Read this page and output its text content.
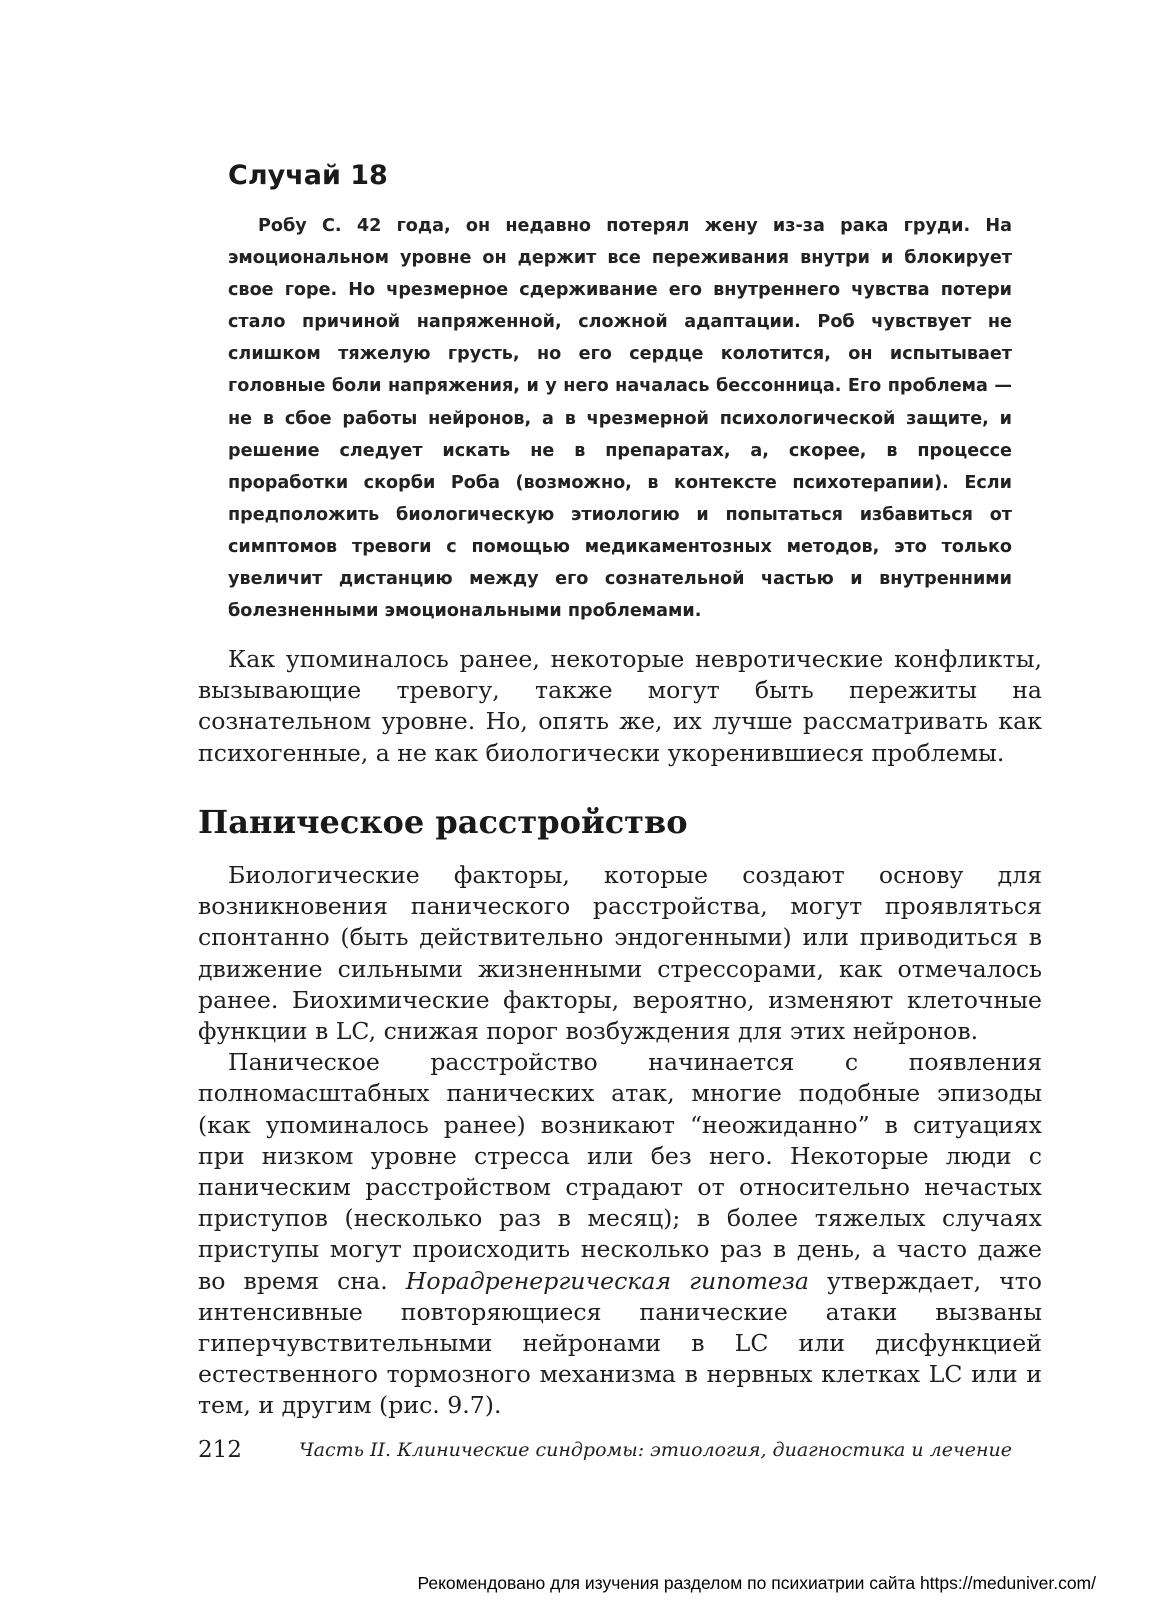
Случай 18

Робу С. 42 года, он недавно потерял жену из-за рака груди. На эмоциональном уровне он держит все переживания внутри и блокирует свое горе. Но чрезмерное сдерживание его внутреннего чувства потери стало причиной напряженной, сложной адаптации. Роб чувствует не слишком тяжелую грусть, но его сердце колотится, он испытывает головные боли напряжения, и у него началась бессонница. Его проблема — не в сбое работы нейронов, а в чрезмерной психологической защите, и решение следует искать не в препаратах, а, скорее, в процессе проработки скорби Роба (возможно, в контексте психотерапии). Если предположить биологическую этиологию и попытаться избавиться от симптомов тревоги с помощью медикаментозных методов, это только увеличит дистанцию между его сознательной частью и внутренними болезненными эмоциональными проблемами.

Как упоминалось ранее, некоторые невротические конфликты, вызывающие тревогу, также могут быть пережиты на сознательном уровне. Но, опять же, их лучше рассматривать как психогенные, а не как биологически укоренившиеся проблемы.

Паническое расстройство

Биологические факторы, которые создают основу для возникновения панического расстройства, могут проявляться спонтанно (быть действительно эндогенными) или приводиться в движение сильными жизненными стрессорами, как отмечалось ранее. Биохимические факторы, вероятно, изменяют клеточные функции в LC, снижая порог возбуждения для этих нейронов.

Паническое расстройство начинается с появления полномасштабных панических атак, многие подобные эпизоды (как упоминалось ранее) возникают “неожиданно” в ситуациях при низком уровне стресса или без него. Некоторые люди с паническим расстройством страдают от относительно нечастых приступов (несколько раз в месяц); в более тяжелых случаях приступы могут происходить несколько раз в день, а часто даже во время сна. Норадренергическая гипотеза утверждает, что интенсивные повторяющиеся панические атаки вызваны гиперчувствительными нейронами в LC или дисфункцией естественного тормозного механизма в нервных клетках LC или и тем, и другим (рис. 9.7).

212	Часть II. Клинические синдромы: этиология, диагностика и лечение
Рекомендовано для изучения разделом по психиатрии сайта https://meduniver.com/
